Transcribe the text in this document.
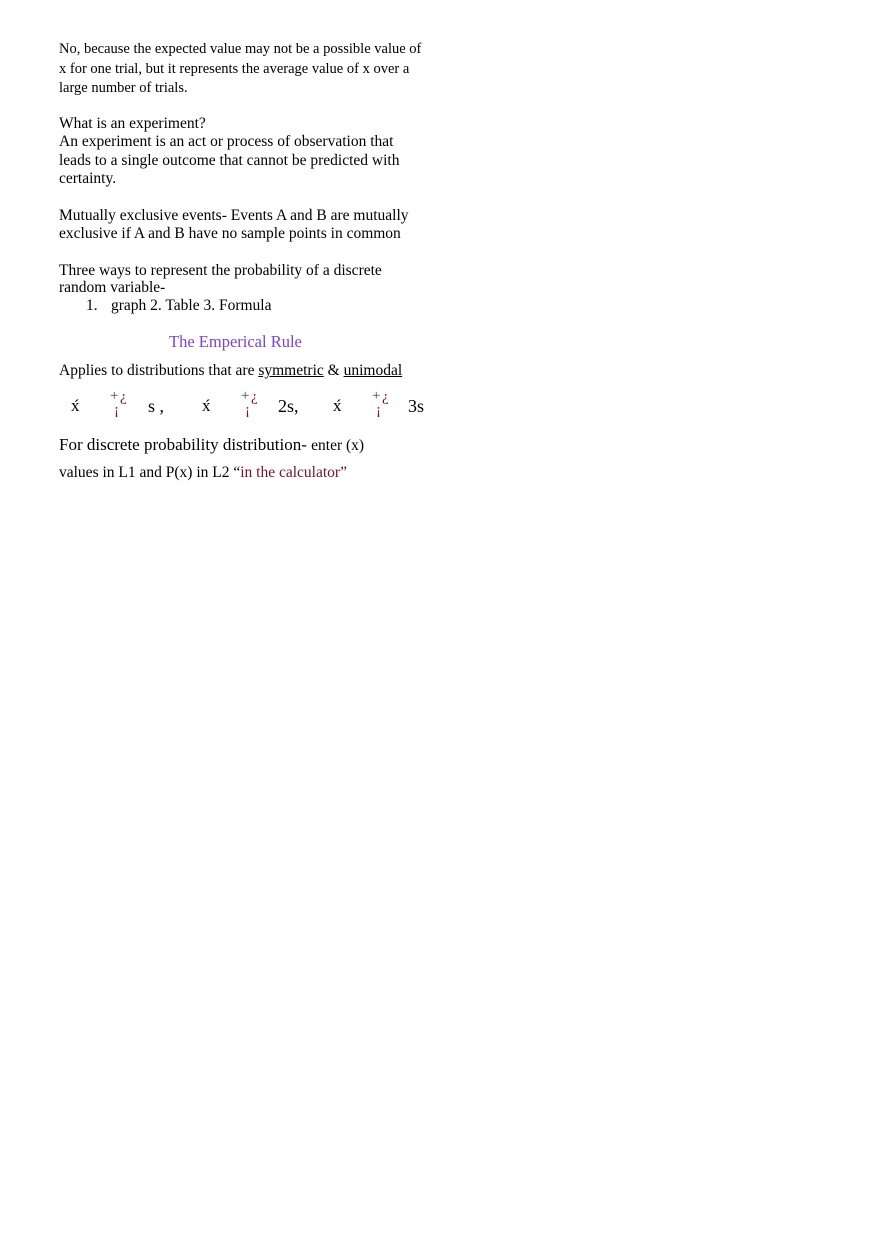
No, because the expected value may not be a possible value of

x for one trial, but it represents the average value of x over a

large number of trials.

What is an experiment?

An experiment is an act or process of observation that

leads to a single outcome that cannot be predicted with

certainty.

Mutually exclusive events- Events A and B are mutually

exclusive if A and B have no sample points in common

Three ways to represent the probability of a discrete

random variable-

1. graph 2. Table 3. Formula

The Emperical Rule

Applies to distributions that are symmetric & unimodal

x́ + ¿
¡ s , x́ + ¿
¡ 2s, x́ + ¿
¡ 3s
For discrete probability distribution- enter (x)
values in L1 and P(x) in L2 “in the calculator”
